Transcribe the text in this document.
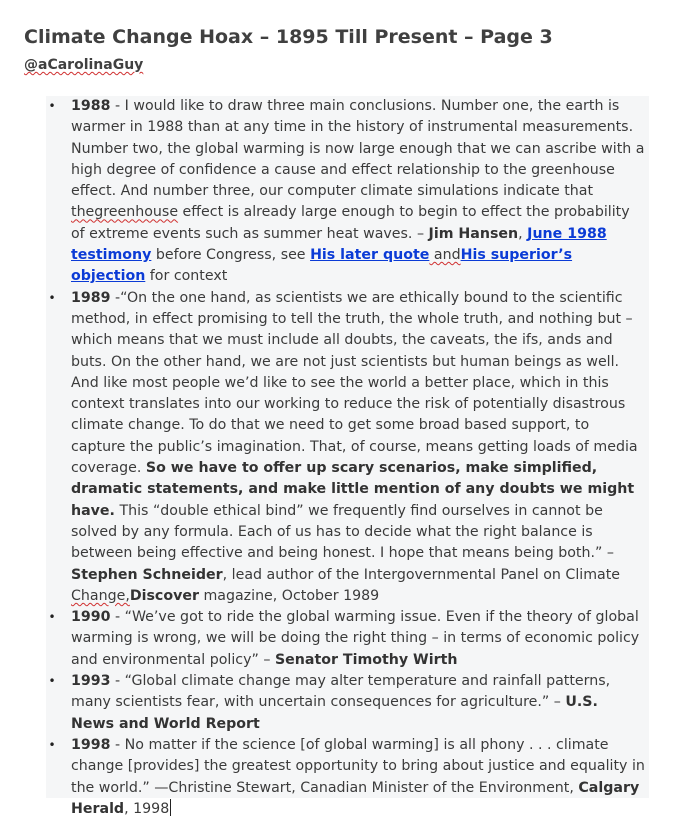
Climate Change Hoax – 1895 Till Present – Page 3
@aCarolinaGuy
• 1988 - I would like to draw three main conclusions. Number one, the earth is warmer in 1988 than at any time in the history of instrumental measurements. Number two, the global warming is now large enough that we can ascribe with a high degree of confidence a cause and effect relationship to the greenhouse effect. And number three, our computer climate simulations indicate that thegreenhouse effect is already large enough to begin to effect the probability of extreme events such as summer heat waves. – Jim Hansen, June 1988 testimony before Congress, see His later quote andHis superior’s objection for context
• 1989 -“On the one hand, as scientists we are ethically bound to the scientific method, in effect promising to tell the truth, the whole truth, and nothing but – which means that we must include all doubts, the caveats, the ifs, ands and buts. On the other hand, we are not just scientists but human beings as well. And like most people we’d like to see the world a better place, which in this context translates into our working to reduce the risk of potentially disastrous climate change. To do that we need to get some broad based support, to capture the public’s imagination. That, of course, means getting loads of media coverage. So we have to offer up scary scenarios, make simplified, dramatic statements, and make little mention of any doubts we might have. This “double ethical bind” we frequently find ourselves in cannot be solved by any formula. Each of us has to decide what the right balance is between being effective and being honest. I hope that means being both.” – Stephen Schneider, lead author of the Intergovernmental Panel on Climate Change,Discover magazine, October 1989
• 1990 - “We’ve got to ride the global warming issue. Even if the theory of global warming is wrong, we will be doing the right thing – in terms of economic policy and environmental policy” – Senator Timothy Wirth
• 1993 - “Global climate change may alter temperature and rainfall patterns, many scientists fear, with uncertain consequences for agriculture.” – U.S. News and World Report
• 1998 - No matter if the science [of global warming] is all phony . . . climate change [provides] the greatest opportunity to bring about justice and equality in the world.” —Christine Stewart, Canadian Minister of the Environment, Calgary Herald, 1998
